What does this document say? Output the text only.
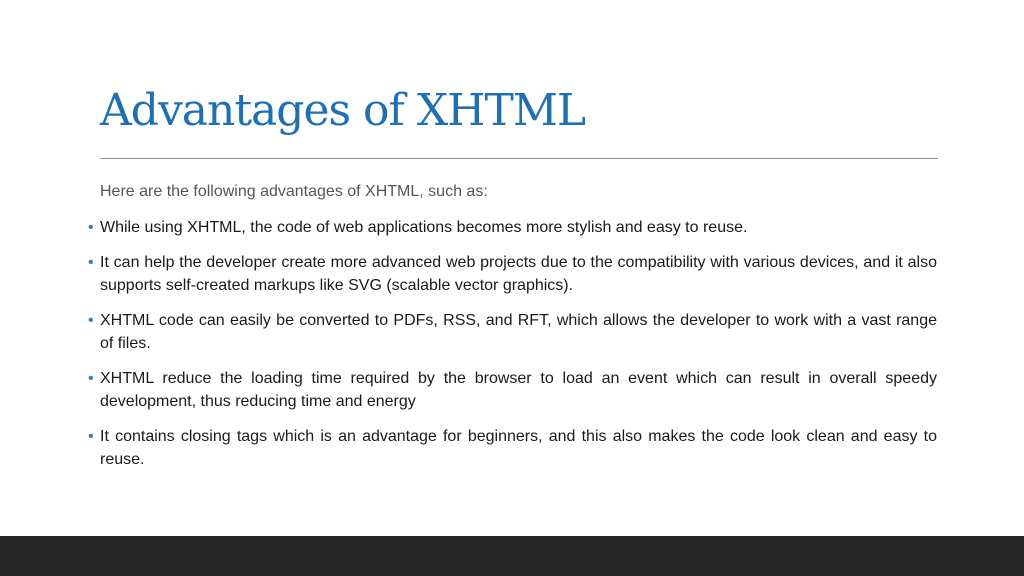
Advantages of XHTML

Here are the following advantages of XHTML, such as:

• While using XHTML, the code of web applications becomes more stylish and easy to reuse.
• It can help the developer create more advanced web projects due to the compatibility with various devices, and it also supports self-created markups like SVG (scalable vector graphics).
• XHTML code can easily be converted to PDFs, RSS, and RFT, which allows the developer to work with a vast range of files.
• XHTML reduce the loading time required by the browser to load an event which can result in overall speedy development, thus reducing time and energy
• It contains closing tags which is an advantage for beginners, and this also makes the code look clean and easy to reuse.
